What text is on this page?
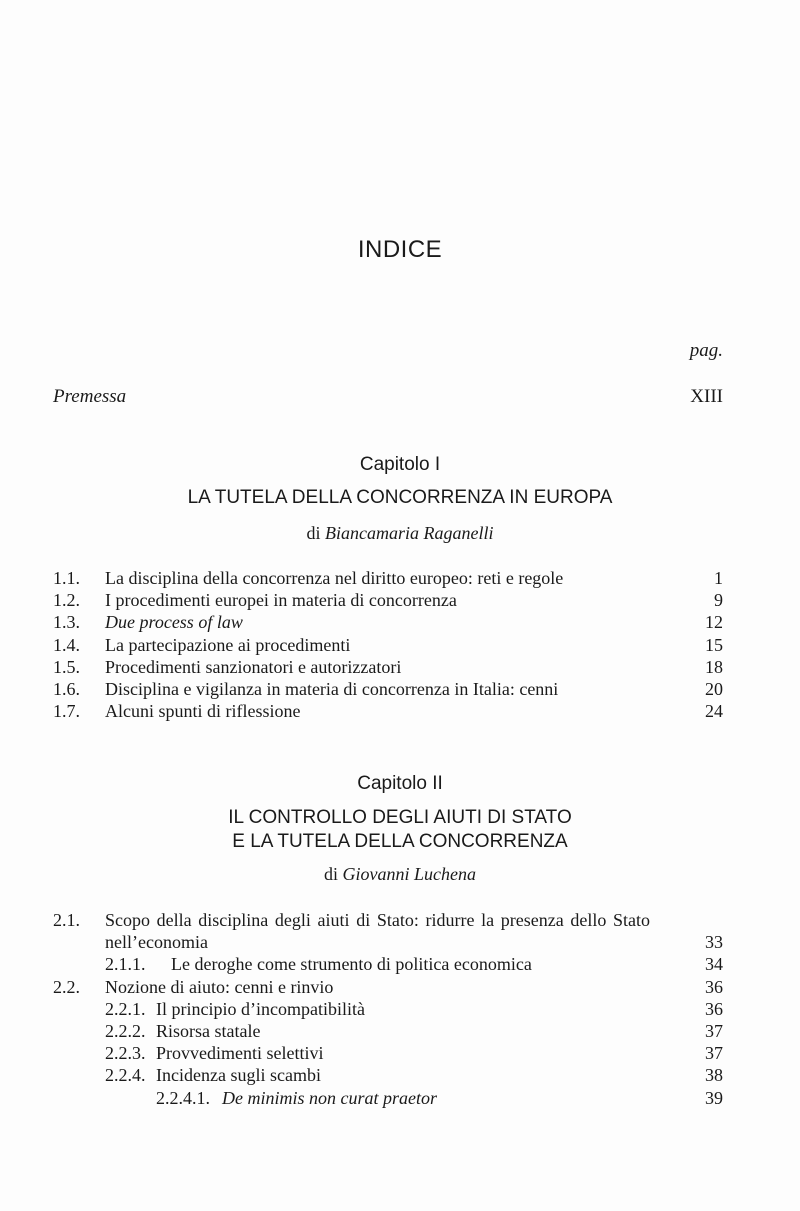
INDICE
pag.
Premessa	XIII
Capitolo I
LA TUTELA DELLA CONCORRENZA IN EUROPA
di Biancamaria Raganelli
1.1. La disciplina della concorrenza nel diritto europeo: reti e regole	1
1.2. I procedimenti europei in materia di concorrenza	9
1.3. Due process of law	12
1.4. La partecipazione ai procedimenti	15
1.5. Procedimenti sanzionatori e autorizzatori	18
1.6. Disciplina e vigilanza in materia di concorrenza in Italia: cenni	20
1.7. Alcuni spunti di riflessione	24
Capitolo II
IL CONTROLLO DEGLI AIUTI DI STATO
E LA TUTELA DELLA CONCORRENZA
di Giovanni Luchena
2.1. Scopo della disciplina degli aiuti di Stato: ridurre la presenza dello Stato nell’economia	33
2.1.1. Le deroghe come strumento di politica economica	34
2.2. Nozione di aiuto: cenni e rinvio	36
2.2.1. Il principio d’incompatibilità	36
2.2.2. Risorsa statale	37
2.2.3. Provvedimenti selettivi	37
2.2.4. Incidenza sugli scambi	38
2.2.4.1. De minimis non curat praetor	39
